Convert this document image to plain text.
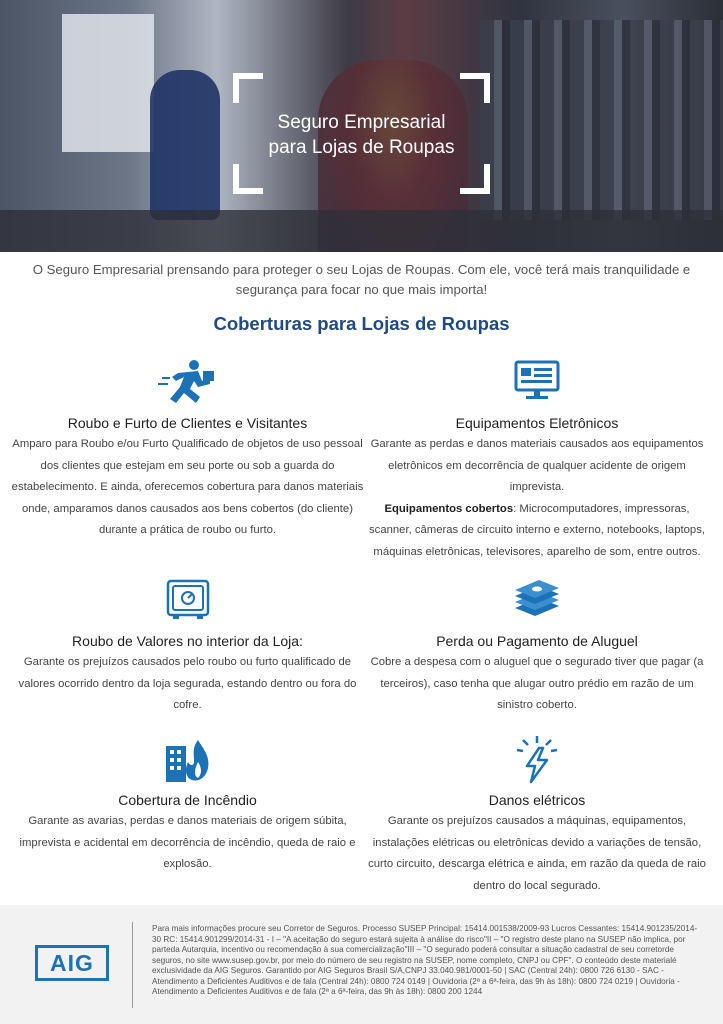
Seguro Empresarial
para Lojas de Roupas
O Seguro Empresarial prensando para proteger o seu Lojas de Roupas. Com ele, você terá mais tranquilidade e segurança para focar no que mais importa!
Coberturas para Lojas de Roupas
Roubo e Furto de Clientes e Visitantes

Amparo para Roubo e/ou Furto Qualificado de objetos de uso pessoal dos clientes que estejam em seu porte ou sob a guarda do estabelecimento. E ainda, oferecemos cobertura para danos materiais onde, amparamos danos causados aos bens cobertos (do cliente) durante a prática de roubo ou furto.

Equipamentos Eletrônicos

Garante as perdas e danos materiais causados aos equipamentos eletrônicos em decorrência de qualquer acidente de origem imprevista.
Equipamentos cobertos: Microcomputadores, impressoras, scanner, câmeras de circuito interno e externo, notebooks, laptops, máquinas eletrônicas, televisores, aparelho de som, entre outros.

Roubo de Valores no interior da Loja:

Garante os prejuízos causados pelo roubo ou furto qualificado de valores ocorrido dentro da loja segurada, estando dentro ou fora do cofre.

Perda ou Pagamento de Aluguel

Cobre a despesa com o aluguel que o segurado tiver que pagar (a terceiros), caso tenha que alugar outro prédio em razão de um sinistro coberto.

Cobertura de Incêndio

Garante as avarias, perdas e danos materiais de origem súbita, imprevista e acidental em decorrência de incêndio, queda de raio e explosão.

Danos elétricos

Garante os prejuízos causados a máquinas, equipamentos, instalações elétricas ou eletrônicas devido a variações de tensão, curto circuito, descarga elétrica e ainda, em razão da queda de raio dentro do local segurado.

AIG
Para mais informações procure seu Corretor de Seguros. Processo SUSEP Principal: 15414.001538/2009-93 Lucros Cessantes: 15414.901235/2014-30 RC: 15414.901299/2014-31 - I – "A aceitação do seguro estará sujeita à análise do risco"II – "O registro deste plano na SUSEP não implica, por parteda Autarquia, incentivo ou recomendação à sua comercialização"III – "O segurado poderá consultar a situação cadastral de seu corretorde seguros, no site www.susep.gov.br, por meio do número de seu registro na SUSEP, nome completo, CNPJ ou CPF". O conteúdo deste materialé exclusividade da AIG Seguros. Garantido por AIG Seguros Brasil S/A,CNPJ 33.040.981/0001-50 | SAC (Central 24h): 0800 726 6130 - SAC - Atendimento a Deficientes Auditivos e de fala (Central 24h): 0800 724 0149 | Ouvidoria (2ª a 6ª-feira, das 9h às 18h): 0800 724 0219 | Ouvidoria - Atendimento a Deficientes Auditivos e de fala (2ª a 6ª-feira, das 9h às 18h): 0800 200 1244
